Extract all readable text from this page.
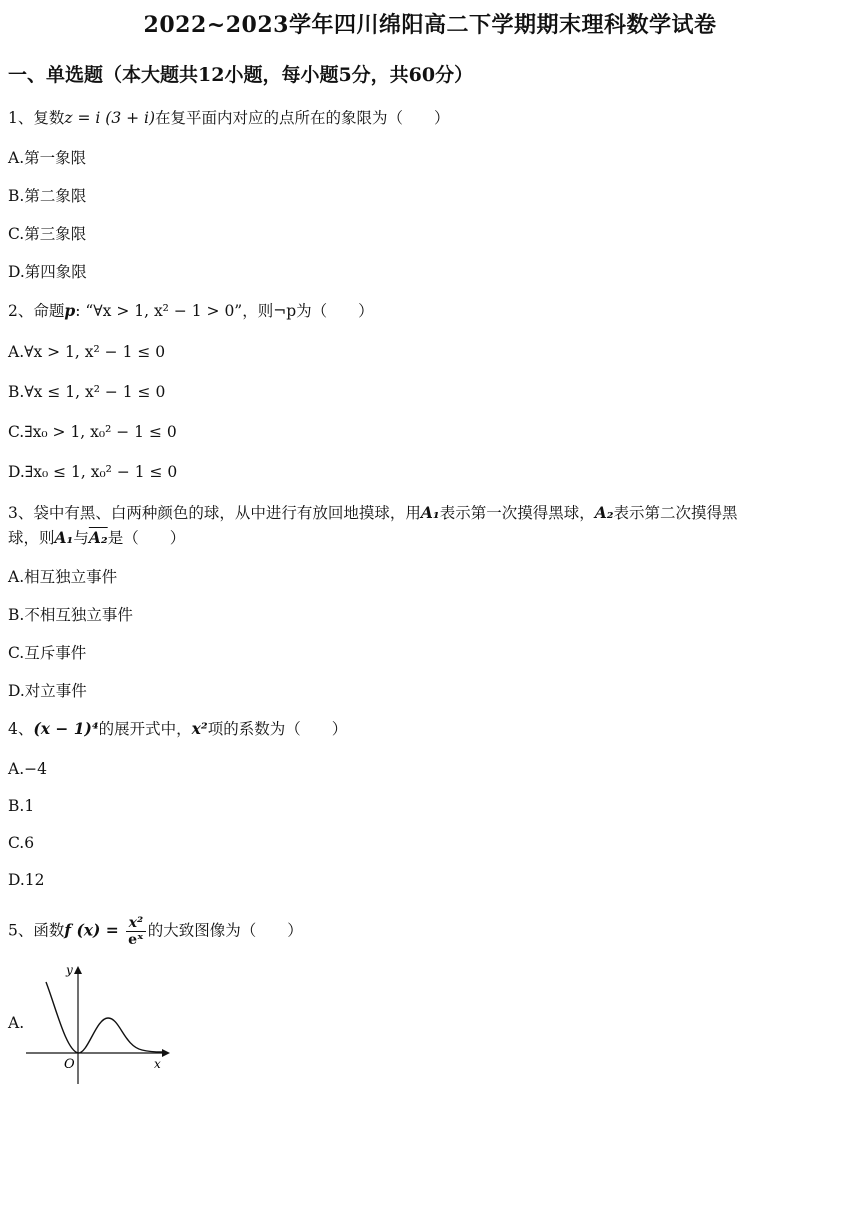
2022~2023学年四川绵阳高二下学期期末理科数学试卷
一、单选题（本大题共12小题，每小题5分，共60分）
1、复数z = i (3 + i)在复平面内对应的点所在的象限为（　　）
A.第一象限
B.第二象限
C.第三象限
D.第四象限
2、命题p: “∀x > 1, x² − 1 > 0”，则¬p为（　　）
A.∀x > 1, x² − 1 ≤ 0
B.∀x ≤ 1, x² − 1 ≤ 0
C.∃x₀ > 1, x₀² − 1 ≤ 0
D.∃x₀ ≤ 1, x₀² − 1 ≤ 0
3、袋中有黑、白两种颜色的球，从中进行有放回地摸球，用A₁表示第一次摸得黑球，A₂表示第二次摸得黑
球，则A₁与A₂是（　　）
A.相互独立事件
B.不相互独立事件
C.互斥事件
D.对立事件
4、(x − 1)⁴的展开式中，x²项的系数为（　　）
A.−4
B.1
C.6
D.12
5、函数f $(x) = \frac{\text{x²}}{\text{eˣ}}$ 的大致图像为（　　）
A.
y
x
O
